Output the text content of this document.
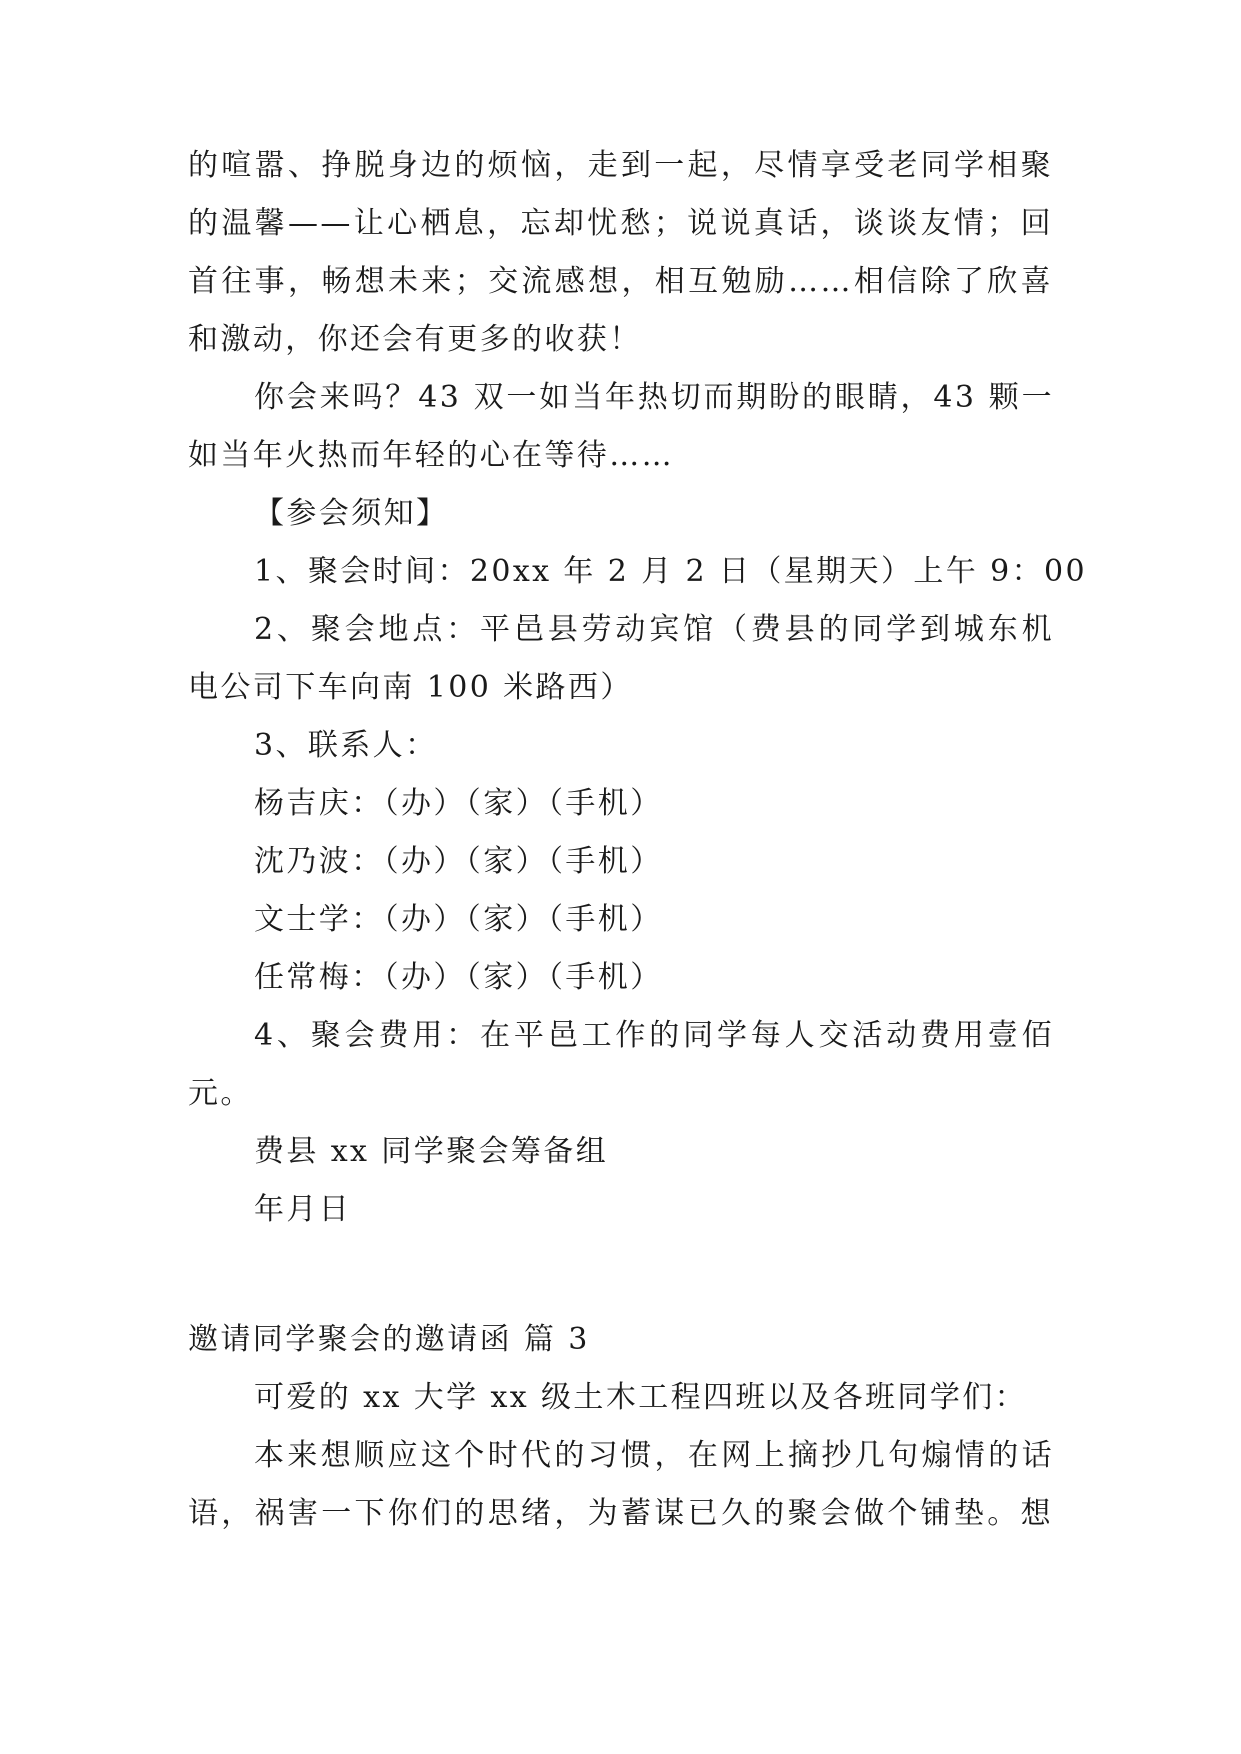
的喧嚣、挣脱身边的烦恼，走到一起，尽情享受老同学相聚
的温馨——让心栖息，忘却忧愁；说说真话，谈谈友情；回
首往事，畅想未来；交流感想，相互勉励……相信除了欣喜
和激动，你还会有更多的收获！
你会来吗？43 双一如当年热切而期盼的眼睛，43 颗一
如当年火热而年轻的心在等待……
【参会须知】
1、聚会时间：20xx 年 2 月 2 日（星期天）上午 9：00
2、聚会地点：平邑县劳动宾馆（费县的同学到城东机
电公司下车向南 100 米路西）
3、联系人：
杨吉庆：（办）（家）（手机）
沈乃波：（办）（家）（手机）
文士学：（办）（家）（手机）
任常梅：（办）（家）（手机）
4、聚会费用：在平邑工作的同学每人交活动费用壹佰
元。
费县 xx 同学聚会筹备组
年月日
邀请同学聚会的邀请函 篇 3
可爱的 xx 大学 xx 级土木工程四班以及各班同学们：
本来想顺应这个时代的习惯，在网上摘抄几句煽情的话
语，祸害一下你们的思绪，为蓄谋已久的聚会做个铺垫。想
